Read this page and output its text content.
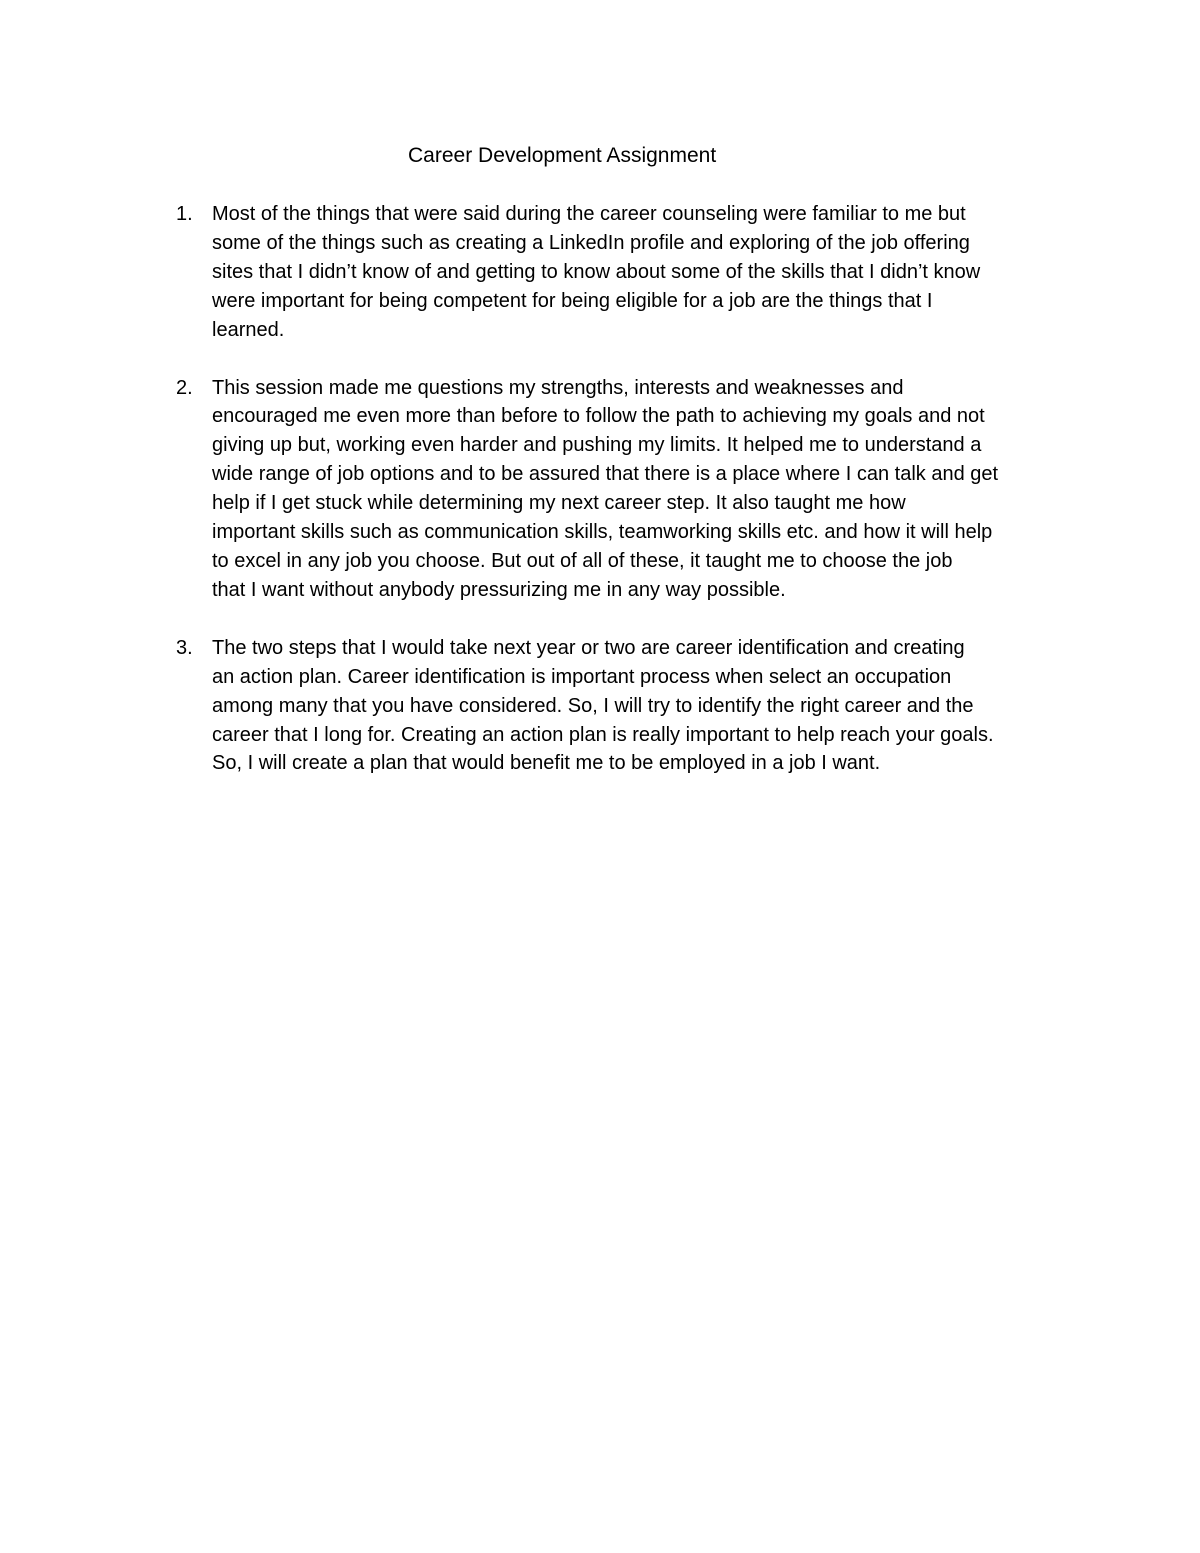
Career Development Assignment
1. Most of the things that were said during the career counseling were familiar to me but
some of the things such as creating a LinkedIn profile and exploring of the job offering
sites that I didn’t know of and getting to know about some of the skills that I didn’t know
were important for being competent for being eligible for a job are the things that I
learned.
2. This session made me questions my strengths, interests and weaknesses and
encouraged me even more than before to follow the path to achieving my goals and not
giving up but, working even harder and pushing my limits. It helped me to understand a
wide range of job options and to be assured that there is a place where I can talk and get
help if I get stuck while determining my next career step. It also taught me how
important skills such as communication skills, teamworking skills etc. and how it will help
to excel in any job you choose. But out of all of these, it taught me to choose the job
that I want without anybody pressurizing me in any way possible.
3. The two steps that I would take next year or two are career identification and creating
an action plan. Career identification is important process when select an occupation
among many that you have considered. So, I will try to identify the right career and the
career that I long for. Creating an action plan is really important to help reach your goals.
So, I will create a plan that would benefit me to be employed in a job I want.
